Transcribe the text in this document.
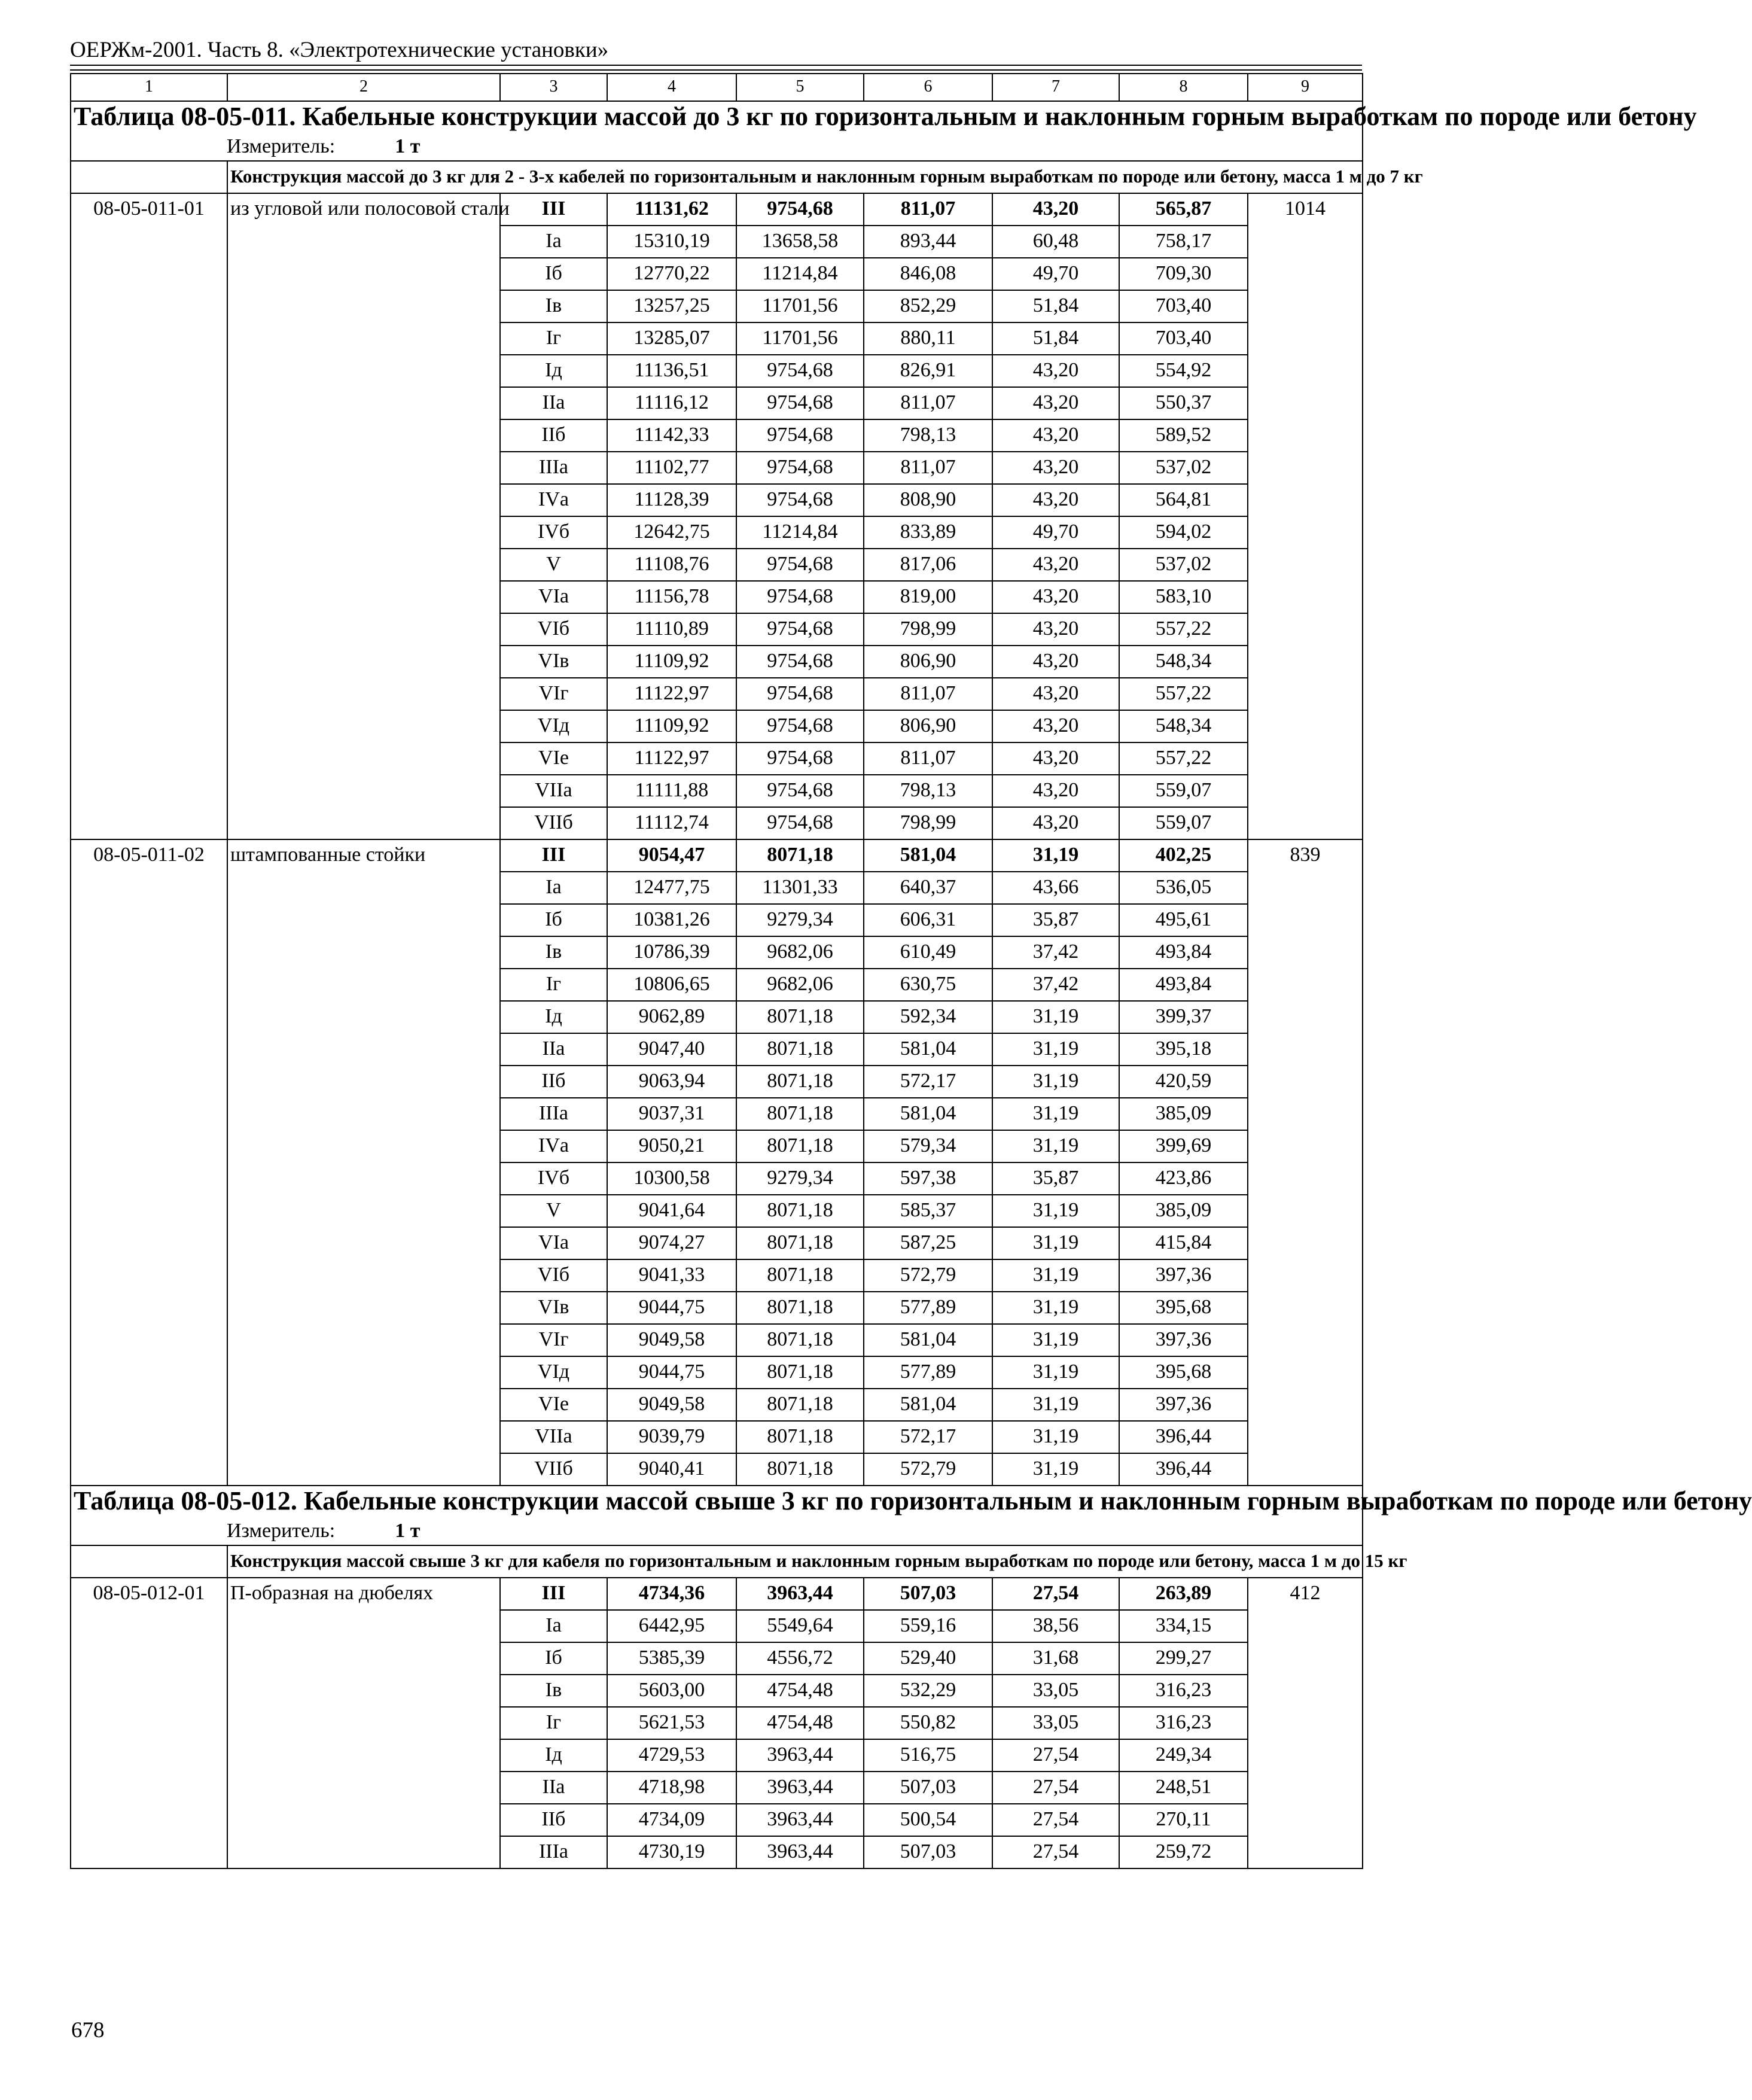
ОЕРЖм-2001. Часть 8. «Электротехнические установки»
1	2	3	4	5	6	7	8	9

Таблица 08-05-011. Кабельные конструкции массой до 3 кг по горизонтальным и наклонным горным выработкам по породе или бетону
Измеритель: 1 т								

	Конструкция массой до 3 кг для 2 - 3-х кабелей по горизонтальным и наклонным горным выработкам по породе или бетону, масса 1 м до 7 кг							
08-05-011-01	из угловой или полосовой стали	III	11131,62	9754,68	811,07	43,20	565,87	1014
		Iа	15310,19	13658,58	893,44	60,48	758,17	
		Iб	12770,22	11214,84	846,08	49,70	709,30	
		Iв	13257,25	11701,56	852,29	51,84	703,40	
		Iг	13285,07	11701,56	880,11	51,84	703,40	
		Iд	11136,51	9754,68	826,91	43,20	554,92	
		IIа	11116,12	9754,68	811,07	43,20	550,37	
		IIб	11142,33	9754,68	798,13	43,20	589,52	
		IIIа	11102,77	9754,68	811,07	43,20	537,02	
		IVа	11128,39	9754,68	808,90	43,20	564,81	
		IVб	12642,75	11214,84	833,89	49,70	594,02	
		V	11108,76	9754,68	817,06	43,20	537,02	
		VIа	11156,78	9754,68	819,00	43,20	583,10	
		VIб	11110,89	9754,68	798,99	43,20	557,22	
		VIв	11109,92	9754,68	806,90	43,20	548,34	
		VIг	11122,97	9754,68	811,07	43,20	557,22	
		VIд	11109,92	9754,68	806,90	43,20	548,34	
		VIе	11122,97	9754,68	811,07	43,20	557,22	
		VIIа	11111,88	9754,68	798,13	43,20	559,07	
		VIIб	11112,74	9754,68	798,99	43,20	559,07	
08-05-011-02	штампованные стойки	III	9054,47	8071,18	581,04	31,19	402,25	839
		Iа	12477,75	11301,33	640,37	43,66	536,05	
		Iб	10381,26	9279,34	606,31	35,87	495,61	
		Iв	10786,39	9682,06	610,49	37,42	493,84	
		Iг	10806,65	9682,06	630,75	37,42	493,84	
		Iд	9062,89	8071,18	592,34	31,19	399,37	
		IIа	9047,40	8071,18	581,04	31,19	395,18	
		IIб	9063,94	8071,18	572,17	31,19	420,59	
		IIIа	9037,31	8071,18	581,04	31,19	385,09	
		IVа	9050,21	8071,18	579,34	31,19	399,69	
		IVб	10300,58	9279,34	597,38	35,87	423,86	
		V	9041,64	8071,18	585,37	31,19	385,09	
		VIа	9074,27	8071,18	587,25	31,19	415,84	
		VIб	9041,33	8071,18	572,79	31,19	397,36	
		VIв	9044,75	8071,18	577,89	31,19	395,68	
		VIг	9049,58	8071,18	581,04	31,19	397,36	
		VIд	9044,75	8071,18	577,89	31,19	395,68	
		VIе	9049,58	8071,18	581,04	31,19	397,36	
		VIIа	9039,79	8071,18	572,17	31,19	396,44	
		VIIб	9040,41	8071,18	572,79	31,19	396,44	

Таблица 08-05-012. Кабельные конструкции массой свыше 3 кг по горизонтальным и наклонным горным выработкам по породе или бетону
Измеритель: 1 т								

	Конструкция массой свыше 3 кг для кабеля по горизонтальным и наклонным горным выработкам по породе или бетону, масса 1 м до 15 кг							
08-05-012-01	П-образная на дюбелях	III	4734,36	3963,44	507,03	27,54	263,89	412
		Iа	6442,95	5549,64	559,16	38,56	334,15	
		Iб	5385,39	4556,72	529,40	31,68	299,27	
		Iв	5603,00	4754,48	532,29	33,05	316,23	
		Iг	5621,53	4754,48	550,82	33,05	316,23	
		Iд	4729,53	3963,44	516,75	27,54	249,34	
		IIа	4718,98	3963,44	507,03	27,54	248,51	
		IIб	4734,09	3963,44	500,54	27,54	270,11	
		IIIа	4730,19	3963,44	507,03	27,54	259,72	
678
